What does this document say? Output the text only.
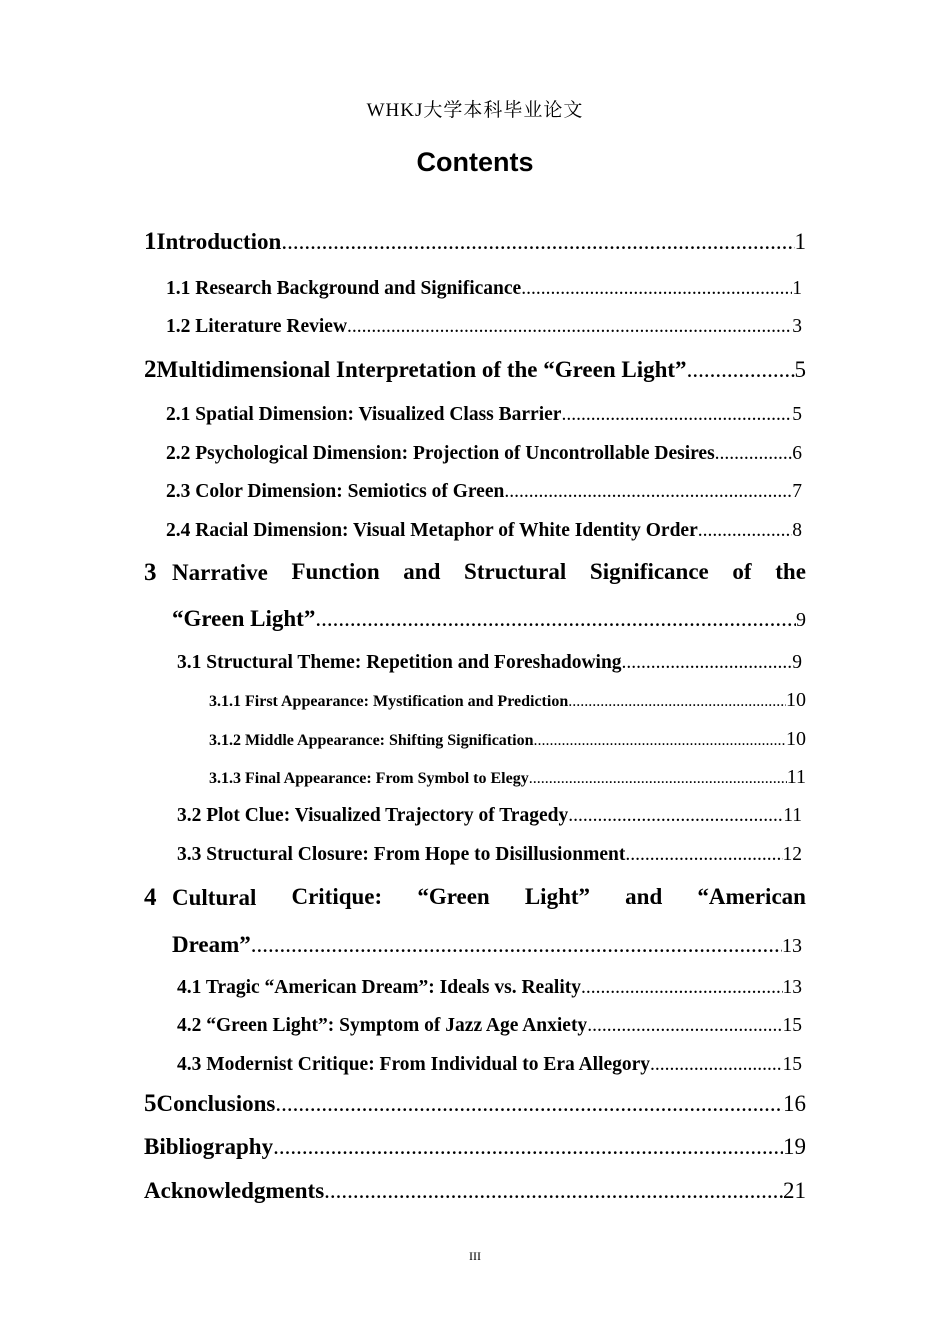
WHKJ大学本科毕业论文
Contents
1 Introduction .....	1
1.1 Research Background and Significance .....	1
1.2 Literature Review .....	3
2 Multidimensional Interpretation of the “Green Light” .....	5
2.1 Spatial Dimension: Visualized Class Barrier .....	5
2.2 Psychological Dimension: Projection of Uncontrollable Desires .....	6
2.3 Color Dimension: Semiotics of Green .....	7
2.4 Racial Dimension: Visual Metaphor of White Identity Order .....	8
3 Narrative Function and Structural Significance of the
“Green Light” .....	9
3.1 Structural Theme: Repetition and Foreshadowing .....	9
3.1.1 First Appearance: Mystification and Prediction .....	10
3.1.2 Middle Appearance: Shifting Signification .....	10
3.1.3 Final Appearance: From Symbol to Elegy .....	11
3.2 Plot Clue: Visualized Trajectory of Tragedy .....	11
3.3 Structural Closure: From Hope to Disillusionment .....	12
4 Cultural Critique: “Green Light” and “American
Dream” .....	13
4.1 Tragic “American Dream”: Ideals vs. Reality .....	13
4.2 “Green Light”: Symptom of Jazz Age Anxiety .....	15
4.3 Modernist Critique: From Individual to Era Allegory .....	15
5 Conclusions .....	16
Bibliography .....	19
Acknowledgments .....	21
III
